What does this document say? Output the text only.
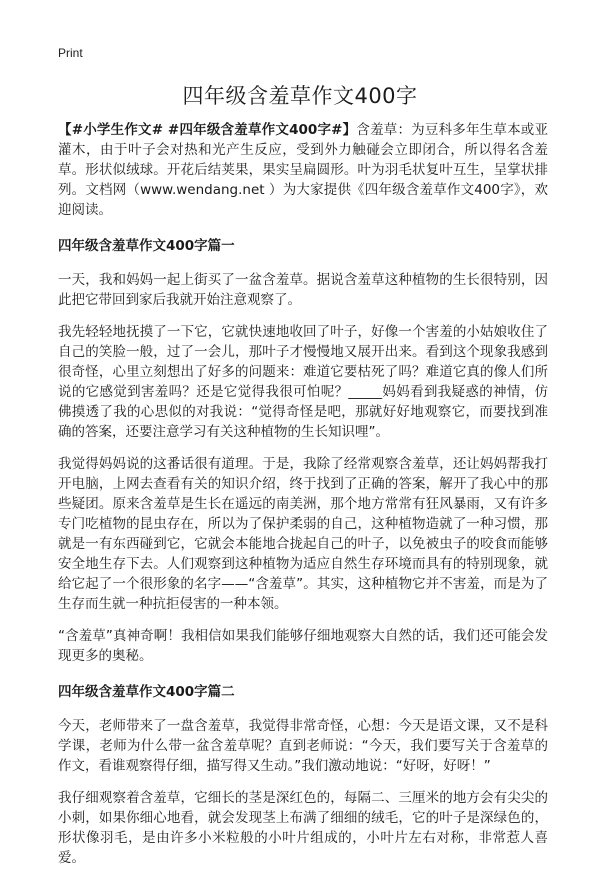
Print
四年级含羞草作文400字

【#小学生作文# #四年级含羞草作文400字#】含羞草：为豆科多年生草本或亚灌木，由于叶子会对热和光产生反应，受到外力触碰会立即闭合，所以得名含羞草。形状似绒球。开花后结荚果，果实呈扁圆形。叶为羽毛状复叶互生，呈掌状排列。文档网（www.wendang.net ）为大家提供《四年级含羞草作文400字》，欢迎阅读。

四年级含羞草作文400字篇一

一天，我和妈妈一起上街买了一盆含羞草。据说含羞草这种植物的生长很特别，因此把它带回到家后我就开始注意观察了。

我先轻轻地抚摸了一下它，它就快速地收回了叶子，好像一个害羞的小姑娘收住了自己的笑脸一般，过了一会儿，那叶子才慢慢地又展开出来。看到这个现象我感到很奇怪，心里立刻想出了好多的问题来：难道它要枯死了吗？难道它真的像人们所说的它感觉到害羞吗？还是它觉得我很可怕呢？_____妈妈看到我疑惑的神情，仿佛摸透了我的心思似的对我说：“觉得奇怪是吧，那就好好地观察它，而要找到准确的答案，还要注意学习有关这种植物的生长知识哩”。

我觉得妈妈说的这番话很有道理。于是，我除了经常观察含羞草，还让妈妈帮我打开电脑，上网去查看有关的知识介绍，终于找到了正确的答案，解开了我心中的那些疑团。原来含羞草是生长在遥远的南美洲，那个地方常常有狂风暴雨，又有许多专门吃植物的昆虫存在，所以为了保护柔弱的自己，这种植物造就了一种习惯，那就是一有东西碰到它，它就会本能地合拢起自己的叶子，以免被虫子的咬食而能够安全地生存下去。人们观察到这种植物为适应自然生存环境而具有的特别现象，就给它起了一个很形象的名字——“含羞草”。其实，这种植物它并不害羞，而是为了生存而生就一种抗拒侵害的一种本领。

“含羞草”真神奇啊！我相信如果我们能够仔细地观察大自然的话，我们还可能会发现更多的奥秘。

四年级含羞草作文400字篇二

今天，老师带来了一盘含羞草，我觉得非常奇怪，心想：今天是语文课，又不是科学课，老师为什么带一盆含羞草呢？直到老师说：“今天，我们要写关于含羞草的作文，看谁观察得仔细，描写得又生动。”我们激动地说：“好呀，好呀！”

我仔细观察着含羞草，它细长的茎是深红色的，每隔二、三厘米的地方会有尖尖的小刺，如果你细心地看，就会发现茎上布满了细细的绒毛，它的叶子是深绿色的，形状像羽毛，是由许多小米粒般的小叶片组成的，小叶片左右对称，非常惹人喜爱。
